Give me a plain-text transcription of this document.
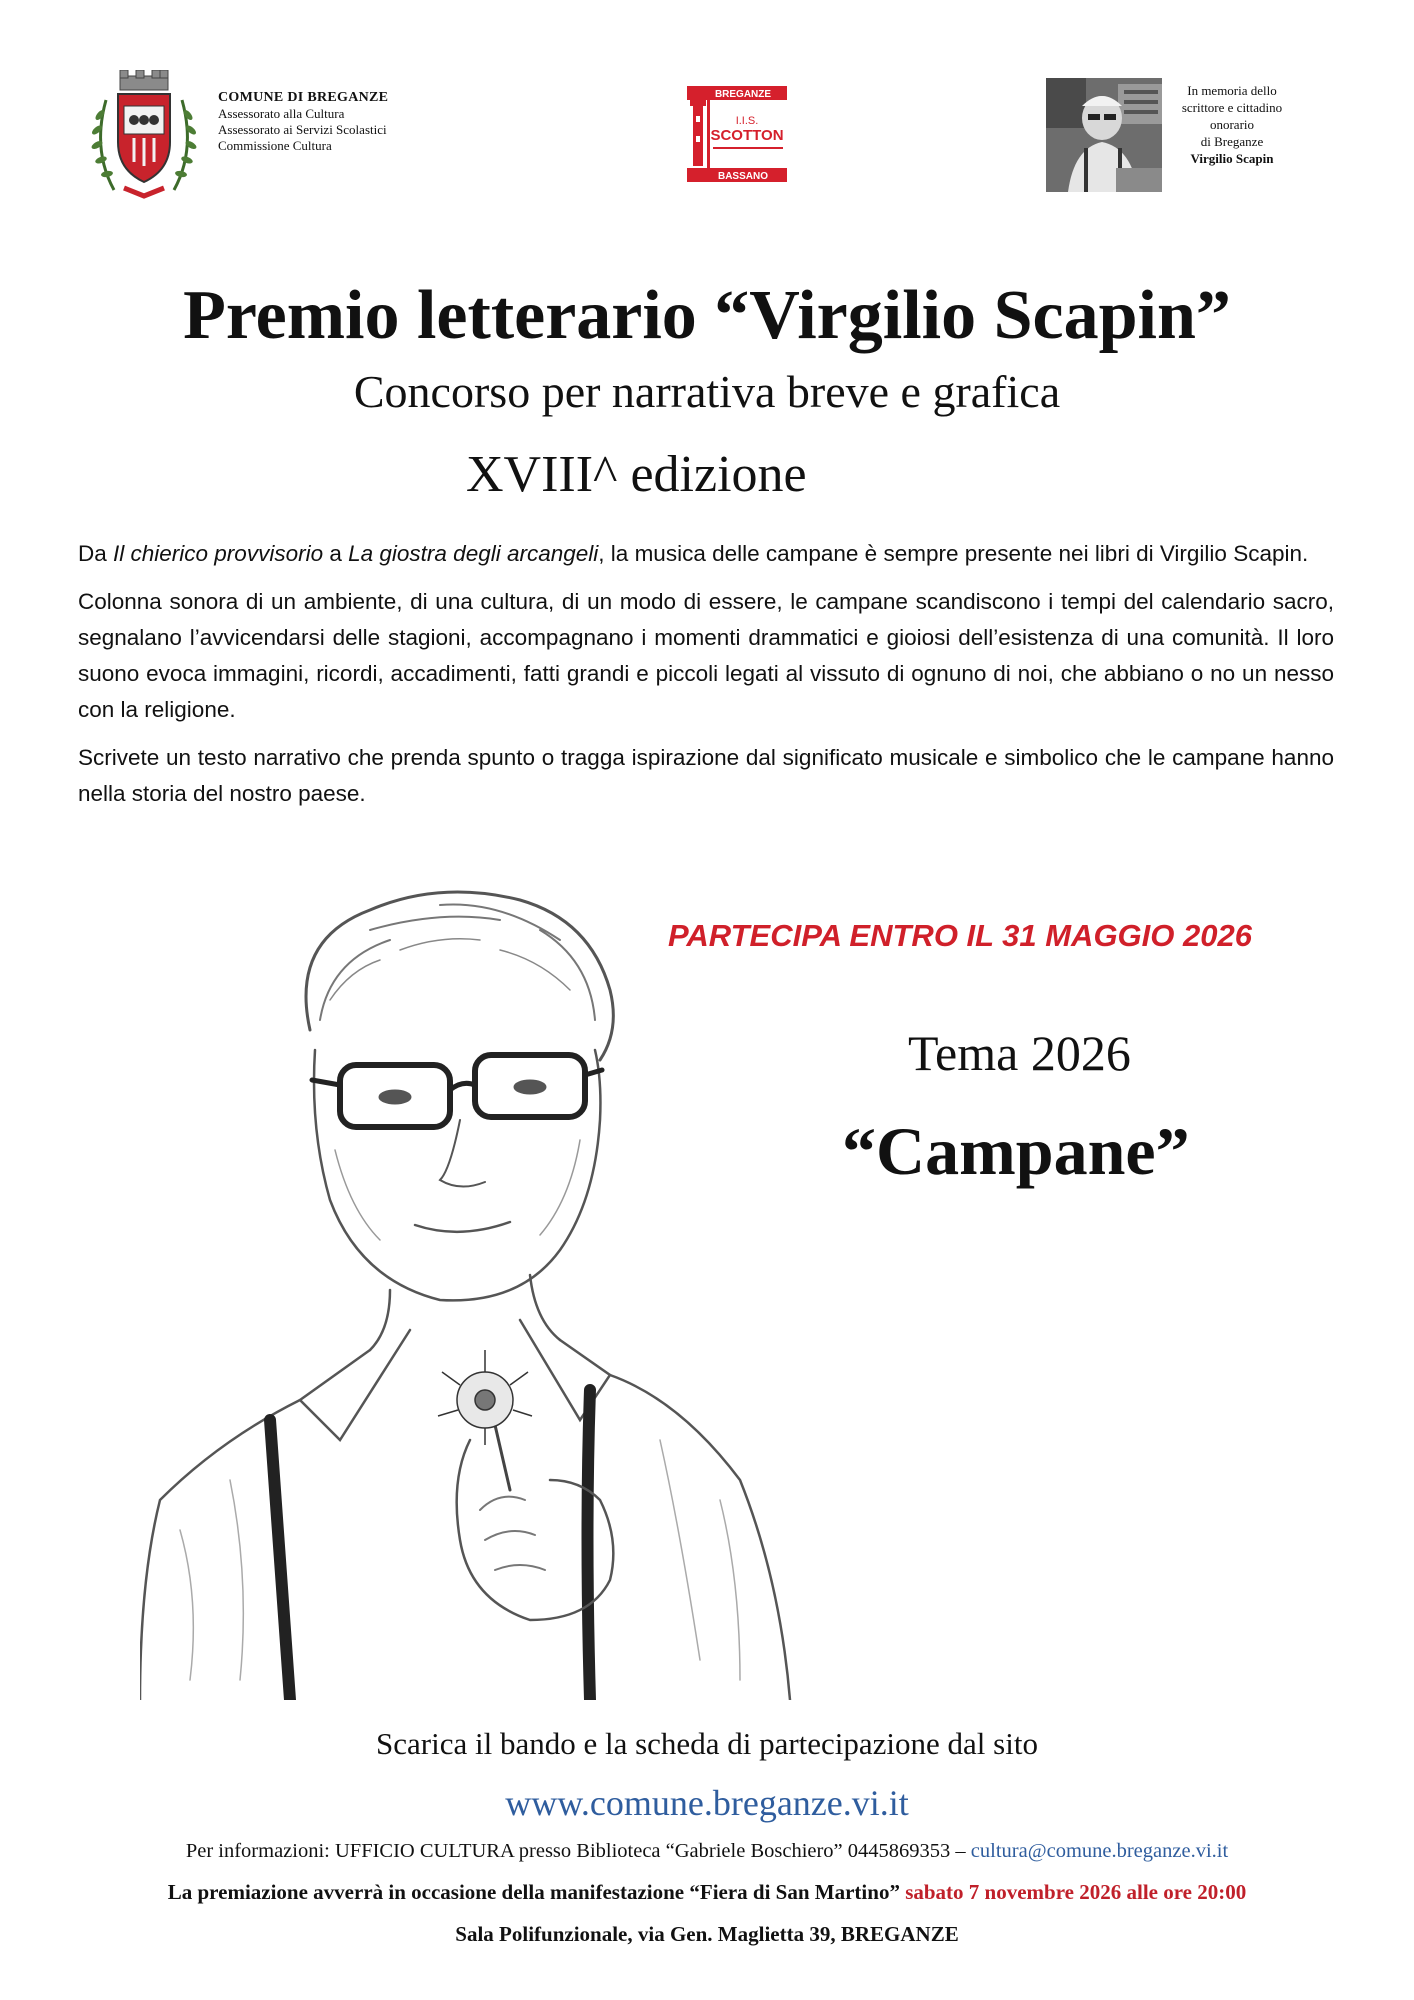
COMUNE DI BREGANZE
Assessorato alla Cultura
Assessorato ai Servizi Scolastici
Commissione Cultura
BREGANZE
BASSANO
I.I.S.
SCOTTON
In memoria dello
scrittore e cittadino
onorario
di Breganze
Virgilio Scapin
Premio letterario “Virgilio Scapin”
Concorso per narrativa breve e grafica
XVIII^ edizione

Da Il chierico provvisorio a La giostra degli arcangeli, la musica delle campane è sempre presente nei libri di Virgilio Scapin.

Colonna sonora di un ambiente, di una cultura, di un modo di essere, le campane scandiscono i tempi del calendario sacro, segnalano l’avvicendarsi delle stagioni, accompagnano i momenti drammatici e gioiosi dell’esistenza di una comunità. Il loro suono evoca immagini, ricordi, accadimenti, fatti grandi e piccoli legati al vissuto di ognuno di noi, che abbiano o no un nesso con la religione.

Scrivete un testo narrativo che prenda spunto o tragga ispirazione dal significato musicale e simbolico che le campane hanno nella storia del nostro paese.

PARTECIPA ENTRO IL 31 MAGGIO 2026
Tema 2026
“Campane”
Scarica il bando e la scheda di partecipazione dal sito
www.comune.breganze.vi.it
Per informazioni: UFFICIO CULTURA presso Biblioteca “Gabriele Boschiero” 0445869353 – cultura@comune.breganze.vi.it
La premiazione avverrà in occasione della manifestazione “Fiera di San Martino” sabato 7 novembre 2026 alle ore 20:00
Sala Polifunzionale, via Gen. Maglietta 39, BREGANZE
